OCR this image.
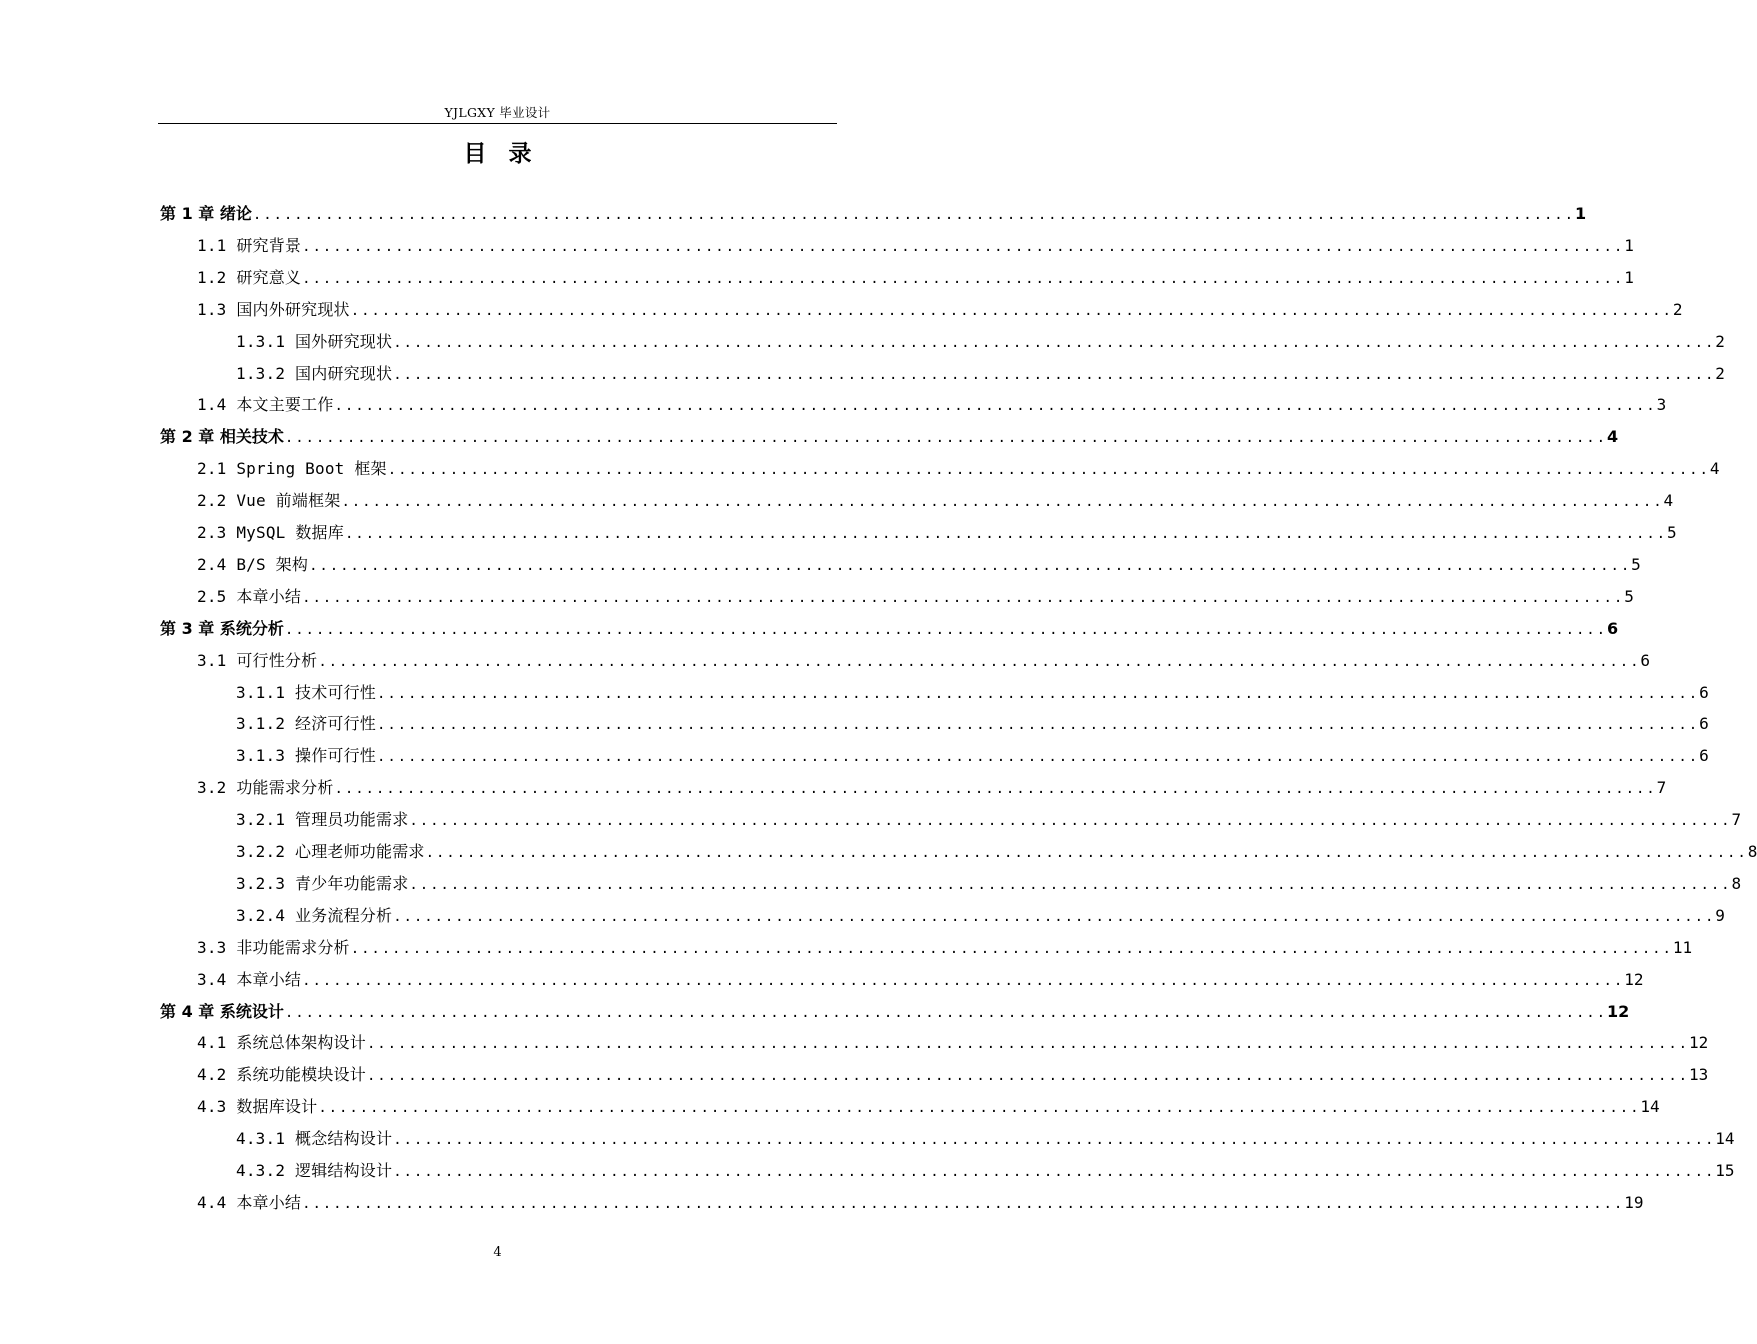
YJLGXY 毕业设计
目录
第 1 章 绪论 ................................................................................................................................ 1
1.1 研究背景 ................................................................................................................................ 1
1.2 研究意义 ................................................................................................................................ 1
1.3 国内外研究现状 ................................................................................................................................ 2
1.3.1 国外研究现状 ................................................................................................................................ 2
1.3.2 国内研究现状 ................................................................................................................................ 2
1.4 本文主要工作 ................................................................................................................................ 3
第 2 章 相关技术 ................................................................................................................................ 4
2.1 Spring Boot 框架 ................................................................................................................................ 4
2.2 Vue 前端框架 ................................................................................................................................ 4
2.3 MySQL 数据库 ................................................................................................................................ 5
2.4 B/S 架构 ................................................................................................................................ 5
2.5 本章小结 ................................................................................................................................ 5
第 3 章 系统分析 ................................................................................................................................ 6
3.1 可行性分析 ................................................................................................................................ 6
3.1.1 技术可行性 ................................................................................................................................ 6
3.1.2 经济可行性 ................................................................................................................................ 6
3.1.3 操作可行性 ................................................................................................................................ 6
3.2 功能需求分析 ................................................................................................................................ 7
3.2.1 管理员功能需求 ................................................................................................................................ 7
3.2.2 心理老师功能需求 ................................................................................................................................ 8
3.2.3 青少年功能需求 ................................................................................................................................ 8
3.2.4 业务流程分析 ................................................................................................................................ 9
3.3 非功能需求分析 ................................................................................................................................ 11
3.4 本章小结 ................................................................................................................................ 12
第 4 章 系统设计 ................................................................................................................................ 12
4.1 系统总体架构设计 ................................................................................................................................ 12
4.2 系统功能模块设计 ................................................................................................................................ 13
4.3 数据库设计 ................................................................................................................................ 14
4.3.1 概念结构设计 ................................................................................................................................ 14
4.3.2 逻辑结构设计 ................................................................................................................................ 15
4.4 本章小结 ................................................................................................................................ 19
4
